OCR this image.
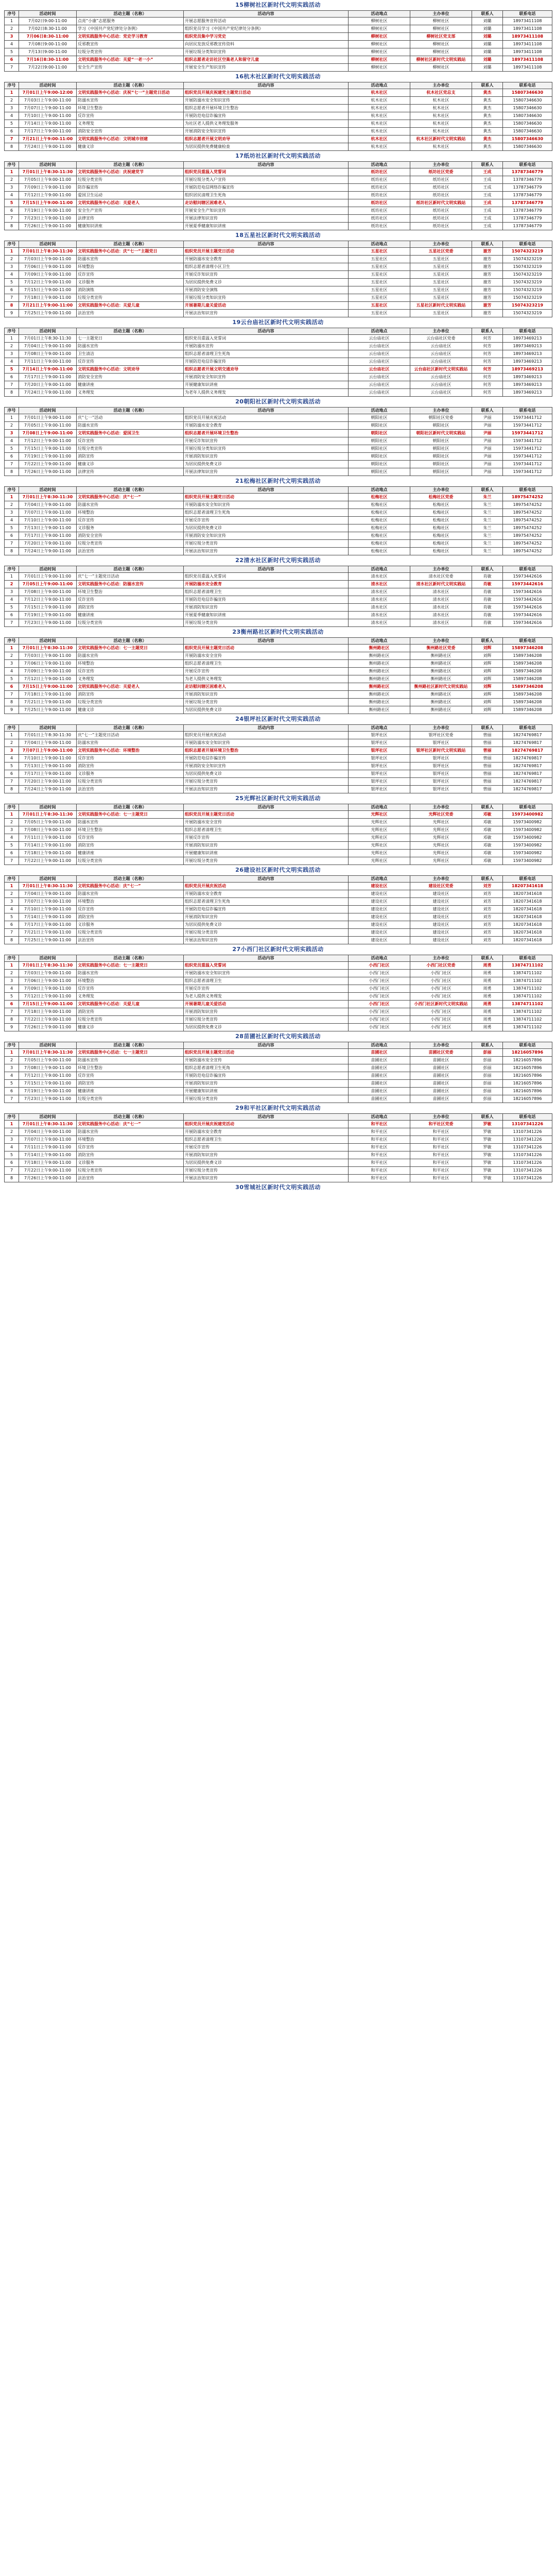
15柳树社区新时代文明实践活动
序号	活动时间	活动主题（名称）	活动内容	活动地点	主办单位	联系人	联系电话
1	7月02日9:00-11:00	点亮“小康”志愿服务	开展志愿服务宣传活动	柳树社区	柳树社区	刘璐	18973411108
2	7月02日8:30-11:00	学习《中国共产党纪律处分条例》	组织党员学习《中国共产党纪律处分条例》	柳树社区	柳树社区	刘璐	18973411108
3	7月06日8:30-11:00	文明实践服务中心活动：党史学习教育	组织党员集中学习党史	柳树社区	柳树社区党支部	刘璐	18973411108
4	7月08日9:00-11:00	反邪教宣传	向居民发放反邪教宣传资料	柳树社区	柳树社区	刘璐	18973411108
5	7月13日9:00-11:00	垃圾分类宣传	开展垃圾分类知识宣传	柳树社区	柳树社区	刘璐	18973411108
6	7月16日8:30-11:00	文明实践服务中心活动：关爱“一老一小”	组织志愿者走访社区空巢老人和留守儿童	柳树社区	柳树社区新时代文明实践站	刘璐	18973411108
7	7月22日9:00-11:00	安全生产宣传	开展安全生产知识宣传	柳树社区	柳树社区	刘璐	18973411108
16杭木社区新时代文明实践活动
序号	活动时间	活动主题（名称）	活动内容	活动地点	主办单位	联系人	联系电话
1	7月01日上午9:00-12:00	文明实践服务中心活动：庆祝“七一”主题党日活动	组织党员开展庆祝建党主题党日活动	杭木社区	杭木社区党总支	黄杰	15807346630
2	7月03日上午9:00-11:00	防溺水宣传	开展防溺水安全知识宣传	杭木社区	杭木社区	黄杰	15807346630
3	7月07日上午9:00-11:00	环境卫生整治	组织志愿者开展环境卫生整治	杭木社区	杭木社区	黄杰	15807346630
4	7月10日上午9:00-11:00	反诈宣传	开展防范电信诈骗宣传	杭木社区	杭木社区	黄杰	15807346630
5	7月14日上午9:00-11:00	义务理发	为社区老人提供义务理发服务	杭木社区	杭木社区	黄杰	15807346630
6	7月17日上午9:00-11:00	消防安全宣传	开展消防安全知识宣传	杭木社区	杭木社区	黄杰	15807346630
7	7月21日上午9:00-11:00	文明实践服务中心活动：文明城市创建	组织志愿者开展文明劝导	杭木社区	杭木社区新时代文明实践站	黄杰	15807346630
8	7月24日上午9:00-11:00	健康义诊	为居民提供免费健康检查	杭木社区	杭木社区	黄杰	15807346630
17纸坊社区新时代文明实践活动
序号	活动时间	活动主题（名称）	活动内容	活动地点	主办单位	联系人	联系电话
1	7月01日上午8:30-11:30	文明实践服务中心活动：庆祝建党节	组织党员重温入党誓词	纸坊社区	纸坊社区党委	王成	13787346779
2	7月05日上午9:00-11:00	垃圾分类宣传	开展垃圾分类入户宣传	纸坊社区	纸坊社区	王成	13787346779
3	7月09日上午9:00-11:00	防诈骗宣传	开展防范电信网络诈骗宣传	纸坊社区	纸坊社区	王成	13787346779
4	7月12日上午9:00-11:00	爱国卫生运动	组织居民清理卫生死角	纸坊社区	纸坊社区	王成	13787346779
5	7月15日上午9:00-11:00	文明实践服务中心活动：关爱老人	走访慰问辖区困难老人	纸坊社区	纸坊社区新时代文明实践站	王成	13787346779
6	7月19日上午9:00-11:00	安全生产宣传	开展安全生产知识宣传	纸坊社区	纸坊社区	王成	13787346779
7	7月23日上午9:00-11:00	法律宣传	开展法律知识宣传	纸坊社区	纸坊社区	王成	13787346779
8	7月26日上午9:00-11:00	健康知识讲座	开展夏季健康知识讲座	纸坊社区	纸坊社区	王成	13787346779
18五星社区新时代文明实践活动
序号	活动时间	活动主题（名称）	活动内容	活动地点	主办单位	联系人	联系电话
1	7月01日上午8:30-11:30	文明实践服务中心活动：庆“七一”主题党日	组织党员开展主题党日活动	五星社区	五星社区党委	谢芳	15074323219
2	7月03日上午9:00-11:00	防溺水宣传	开展防溺水安全教育	五星社区	五星社区	谢芳	15074323219
3	7月06日上午9:00-11:00	环境整治	组织志愿者清理小区卫生	五星社区	五星社区	谢芳	15074323219
4	7月09日上午9:00-11:00	反诈宣传	开展反诈知识宣传	五星社区	五星社区	谢芳	15074323219
5	7月12日上午9:00-11:00	义诊服务	为居民提供免费义诊	五星社区	五星社区	谢芳	15074323219
6	7月15日上午9:00-11:00	消防演练	开展消防安全演练	五星社区	五星社区	谢芳	15074323219
7	7月18日上午9:00-11:00	垃圾分类宣传	开展垃圾分类知识宣传	五星社区	五星社区	谢芳	15074323219
8	7月21日上午9:00-11:00	文明实践服务中心活动：关爱儿童	开展暑期儿童关爱活动	五星社区	五星社区新时代文明实践站	谢芳	15074323219
9	7月25日上午9:00-11:00	法治宣传	开展法治知识宣传	五星社区	五星社区	谢芳	15074323219
19云台庙社区新时代文明实践活动
序号	活动时间	活动主题（名称）	活动内容	活动地点	主办单位	联系人	联系电话
1	7月01日上午8:30-11:30	七一主题党日	组织党员重温入党誓词	云台庙社区	云台庙社区党委	何芳	18973469213
2	7月04日上午9:00-11:00	防溺水宣传	开展防溺水宣传	云台庙社区	云台庙社区	何芳	18973469213
3	7月08日上午9:00-11:00	卫生清洁	组织志愿者清理卫生死角	云台庙社区	云台庙社区	何芳	18973469213
4	7月11日上午9:00-11:00	反诈宣传	开展防范电信诈骗宣传	云台庙社区	云台庙社区	何芳	18973469213
5	7月14日上午9:00-11:00	文明实践服务中心活动：文明劝导	组织志愿者开展文明交通劝导	云台庙社区	云台庙社区新时代文明实践站	何芳	18973469213
6	7月17日上午9:00-11:00	消防安全宣传	开展消防安全知识宣传	云台庙社区	云台庙社区	何芳	18973469213
7	7月20日上午9:00-11:00	健康讲座	开展健康知识讲座	云台庙社区	云台庙社区	何芳	18973469213
8	7月24日上午9:00-11:00	义务理发	为老年人提供义务理发	云台庙社区	云台庙社区	何芳	18973469213
20朝阳社区新时代文明实践活动
序号	活动时间	活动主题（名称）	活动内容	活动地点	主办单位	联系人	联系电话
1	7月01日上午9:00-11:00	庆“七一”活动	组织党员开展庆祝活动	朝阳社区	朝阳社区党委	尹丽	15973441712
2	7月05日上午9:00-11:00	防溺水宣传	开展防溺水安全教育	朝阳社区	朝阳社区	尹丽	15973441712
3	7月08日上午9:00-11:00	文明实践服务中心活动：爱国卫生	组织志愿者开展环境卫生整治	朝阳社区	朝阳社区新时代文明实践站	尹丽	15973441712
4	7月12日上午9:00-11:00	反诈宣传	开展反诈知识宣传	朝阳社区	朝阳社区	尹丽	15973441712
5	7月15日上午9:00-11:00	垃圾分类宣传	开展垃圾分类知识宣传	朝阳社区	朝阳社区	尹丽	15973441712
6	7月19日上午9:00-11:00	消防宣传	开展消防知识宣传	朝阳社区	朝阳社区	尹丽	15973441712
7	7月22日上午9:00-11:00	健康义诊	为居民提供免费义诊	朝阳社区	朝阳社区	尹丽	15973441712
8	7月26日上午9:00-11:00	法律宣传	开展法律知识宣传	朝阳社区	朝阳社区	尹丽	15973441712
21松梅社区新时代文明实践活动
序号	活动时间	活动主题（名称）	活动内容	活动地点	主办单位	联系人	联系电话
1	7月01日上午8:30-11:30	文明实践服务中心活动：庆“七一”	组织党员开展主题党日活动	松梅社区	松梅社区党委	朱兰	18975474252
2	7月04日上午9:00-11:00	防溺水宣传	开展防溺水安全知识宣传	松梅社区	松梅社区	朱兰	18975474252
3	7月07日上午9:00-11:00	环境整治	组织志愿者清理卫生死角	松梅社区	松梅社区	朱兰	18975474252
4	7月10日上午9:00-11:00	反诈宣传	开展反诈宣传	松梅社区	松梅社区	朱兰	18975474252
5	7月13日上午9:00-11:00	义诊服务	为居民提供免费义诊	松梅社区	松梅社区	朱兰	18975474252
6	7月17日上午9:00-11:00	消防安全宣传	开展消防安全知识宣传	松梅社区	松梅社区	朱兰	18975474252
7	7月20日上午9:00-11:00	垃圾分类宣传	开展垃圾分类宣传	松梅社区	松梅社区	朱兰	18975474252
8	7月24日上午9:00-11:00	法治宣传	开展法治知识宣传	松梅社区	松梅社区	朱兰	18975474252
22清水社区新时代文明实践活动
序号	活动时间	活动主题（名称）	活动内容	活动地点	主办单位	联系人	联系电话
1	7月01日上午9:00-11:00	庆“七一”主题党日活动	组织党员重温入党誓词	清水社区	清水社区党委	肖敏	15973442616
2	7月05日上午9:00-11:00	文明实践服务中心活动：防溺水宣传	开展防溺水安全教育	清水社区	清水社区新时代文明实践站	肖敏	15973442616
3	7月08日上午9:00-11:00	环境卫生整治	组织志愿者清理卫生	清水社区	清水社区	肖敏	15973442616
4	7月12日上午9:00-11:00	反诈宣传	开展防范电信诈骗宣传	清水社区	清水社区	肖敏	15973442616
5	7月15日上午9:00-11:00	消防宣传	开展消防知识宣传	清水社区	清水社区	肖敏	15973442616
6	7月19日上午9:00-11:00	健康讲座	开展夏季健康知识讲座	清水社区	清水社区	肖敏	15973442616
7	7月23日上午9:00-11:00	垃圾分类宣传	开展垃圾分类宣传	清水社区	清水社区	肖敏	15973442616
23衡州路社区新时代文明实践活动
序号	活动时间	活动主题（名称）	活动内容	活动地点	主办单位	联系人	联系电话
1	7月01日上午8:30-11:30	文明实践服务中心活动：七一主题党日	组织党员开展主题党日活动	衡州路社区	衡州路社区党委	刘辉	15897346208
2	7月03日上午9:00-11:00	防溺水宣传	开展防溺水安全宣传	衡州路社区	衡州路社区	刘辉	15897346208
3	7月06日上午9:00-11:00	环境整治	组织志愿者清理卫生	衡州路社区	衡州路社区	刘辉	15897346208
4	7月09日上午9:00-11:00	反诈宣传	开展反诈宣传	衡州路社区	衡州路社区	刘辉	15897346208
5	7月12日上午9:00-11:00	义务理发	为老人提供义务理发	衡州路社区	衡州路社区	刘辉	15897346208
6	7月15日上午9:00-11:00	文明实践服务中心活动：关爱老人	走访慰问辖区困难老人	衡州路社区	衡州路社区新时代文明实践站	刘辉	15897346208
7	7月18日上午9:00-11:00	消防宣传	开展消防知识宣传	衡州路社区	衡州路社区	刘辉	15897346208
8	7月21日上午9:00-11:00	垃圾分类宣传	开展垃圾分类宣传	衡州路社区	衡州路社区	刘辉	15897346208
9	7月25日上午9:00-11:00	健康义诊	为居民提供免费义诊	衡州路社区	衡州路社区	刘辉	15897346208
24银坪社区新时代文明实践活动
序号	活动时间	活动主题（名称）	活动内容	活动地点	主办单位	联系人	联系电话
1	7月01日上午8:30-11:30	庆“七一”主题党日活动	组织党员开展庆祝活动	银坪社区	银坪社区党委	曾丽	18274769817
2	7月04日上午9:00-11:00	防溺水宣传	开展防溺水安全知识宣传	银坪社区	银坪社区	曾丽	18274769817
3	7月07日上午9:00-11:00	文明实践服务中心活动：环境整治	组织志愿者开展环境卫生整治	银坪社区	银坪社区新时代文明实践站	曾丽	18274769817
4	7月10日上午9:00-11:00	反诈宣传	开展防范电信诈骗宣传	银坪社区	银坪社区	曾丽	18274769817
5	7月13日上午9:00-11:00	消防宣传	开展消防安全知识宣传	银坪社区	银坪社区	曾丽	18274769817
6	7月17日上午9:00-11:00	义诊服务	为居民提供免费义诊	银坪社区	银坪社区	曾丽	18274769817
7	7月20日上午9:00-11:00	垃圾分类宣传	开展垃圾分类宣传	银坪社区	银坪社区	曾丽	18274769817
8	7月24日上午9:00-11:00	法治宣传	开展法治知识宣传	银坪社区	银坪社区	曾丽	18274769817
25光辉社区新时代文明实践活动
序号	活动时间	活动主题（名称）	活动内容	活动地点	主办单位	联系人	联系电话
1	7月01日上午8:30-11:30	文明实践服务中心活动：七一主题党日	组织党员开展主题党日活动	光辉社区	光辉社区党委	邓敏	15973400982
2	7月05日上午9:00-11:00	防溺水宣传	开展防溺水安全宣传	光辉社区	光辉社区	邓敏	15973400982
3	7月08日上午9:00-11:00	环境卫生整治	组织志愿者清理卫生	光辉社区	光辉社区	邓敏	15973400982
4	7月11日上午9:00-11:00	反诈宣传	开展反诈宣传	光辉社区	光辉社区	邓敏	15973400982
5	7月14日上午9:00-11:00	消防宣传	开展消防知识宣传	光辉社区	光辉社区	邓敏	15973400982
6	7月18日上午9:00-11:00	健康讲座	开展健康知识讲座	光辉社区	光辉社区	邓敏	15973400982
7	7月22日上午9:00-11:00	垃圾分类宣传	开展垃圾分类宣传	光辉社区	光辉社区	邓敏	15973400982
26建设社区新时代文明实践活动
序号	活动时间	活动主题（名称）	活动内容	活动地点	主办单位	联系人	联系电话
1	7月01日上午8:30-11:30	文明实践服务中心活动：庆“七一”	组织党员开展庆祝活动	建设社区	建设社区党委	刘芳	18207341618
2	7月04日上午9:00-11:00	防溺水宣传	开展防溺水安全教育	建设社区	建设社区	刘芳	18207341618
3	7月07日上午9:00-11:00	环境整治	组织志愿者清理卫生死角	建设社区	建设社区	刘芳	18207341618
4	7月10日上午9:00-11:00	反诈宣传	开展防范电信诈骗宣传	建设社区	建设社区	刘芳	18207341618
5	7月14日上午9:00-11:00	消防宣传	开展消防知识宣传	建设社区	建设社区	刘芳	18207341618
6	7月17日上午9:00-11:00	义诊服务	为居民提供免费义诊	建设社区	建设社区	刘芳	18207341618
7	7月21日上午9:00-11:00	垃圾分类宣传	开展垃圾分类宣传	建设社区	建设社区	刘芳	18207341618
8	7月25日上午9:00-11:00	法治宣传	开展法治知识宣传	建设社区	建设社区	刘芳	18207341618
27小西门社区新时代文明实践活动
序号	活动时间	活动主题（名称）	活动内容	活动地点	主办单位	联系人	联系电话
1	7月01日上午8:30-11:30	文明实践服务中心活动：七一主题党日	组织党员重温入党誓词	小西门社区	小西门社区党委	周勇	13874711102
2	7月03日上午9:00-11:00	防溺水宣传	开展防溺水安全知识宣传	小西门社区	小西门社区	周勇	13874711102
3	7月06日上午9:00-11:00	环境整治	组织志愿者清理卫生	小西门社区	小西门社区	周勇	13874711102
4	7月09日上午9:00-11:00	反诈宣传	开展反诈宣传	小西门社区	小西门社区	周勇	13874711102
5	7月12日上午9:00-11:00	义务理发	为老人提供义务理发	小西门社区	小西门社区	周勇	13874711102
6	7月15日上午9:00-11:00	文明实践服务中心活动：关爱儿童	开展暑期儿童关爱活动	小西门社区	小西门社区新时代文明实践站	周勇	13874711102
7	7月18日上午9:00-11:00	消防宣传	开展消防知识宣传	小西门社区	小西门社区	周勇	13874711102
8	7月22日上午9:00-11:00	垃圾分类宣传	开展垃圾分类宣传	小西门社区	小西门社区	周勇	13874711102
9	7月26日上午9:00-11:00	健康义诊	为居民提供免费义诊	小西门社区	小西门社区	周勇	13874711102
28苗圃社区新时代文明实践活动
序号	活动时间	活动主题（名称）	活动内容	活动地点	主办单位	联系人	联系电话
1	7月01日上午8:30-11:30	文明实践服务中心活动：七一主题党日	组织党员开展主题党日活动	苗圃社区	苗圃社区党委	彭丽	18216057896
2	7月05日上午9:00-11:00	防溺水宣传	开展防溺水安全宣传	苗圃社区	苗圃社区	彭丽	18216057896
3	7月08日上午9:00-11:00	环境卫生整治	组织志愿者清理卫生死角	苗圃社区	苗圃社区	彭丽	18216057896
4	7月12日上午9:00-11:00	反诈宣传	开展防范电信诈骗宣传	苗圃社区	苗圃社区	彭丽	18216057896
5	7月15日上午9:00-11:00	消防宣传	开展消防知识宣传	苗圃社区	苗圃社区	彭丽	18216057896
6	7月19日上午9:00-11:00	健康讲座	开展健康知识讲座	苗圃社区	苗圃社区	彭丽	18216057896
7	7月23日上午9:00-11:00	垃圾分类宣传	开展垃圾分类宣传	苗圃社区	苗圃社区	彭丽	18216057896
29和平社区新时代文明实践活动
序号	活动时间	活动主题（名称）	活动内容	活动地点	主办单位	联系人	联系电话
1	7月01日上午8:30-11:30	文明实践服务中心活动：庆“七一”	组织党员开展庆祝建党活动	和平社区	和平社区党委	罗敏	13107341226
2	7月04日上午9:00-11:00	防溺水宣传	开展防溺水安全教育	和平社区	和平社区	罗敏	13107341226
3	7月07日上午9:00-11:00	环境整治	组织志愿者清理卫生	和平社区	和平社区	罗敏	13107341226
4	7月11日上午9:00-11:00	反诈宣传	开展反诈宣传	和平社区	和平社区	罗敏	13107341226
5	7月14日上午9:00-11:00	消防宣传	开展消防知识宣传	和平社区	和平社区	罗敏	13107341226
6	7月18日上午9:00-11:00	义诊服务	为居民提供免费义诊	和平社区	和平社区	罗敏	13107341226
7	7月22日上午9:00-11:00	垃圾分类宣传	开展垃圾分类宣传	和平社区	和平社区	罗敏	13107341226
8	7月26日上午9:00-11:00	法治宣传	开展法治知识宣传	和平社区	和平社区	罗敏	13107341226
30雪城社区新时代文明实践活动
